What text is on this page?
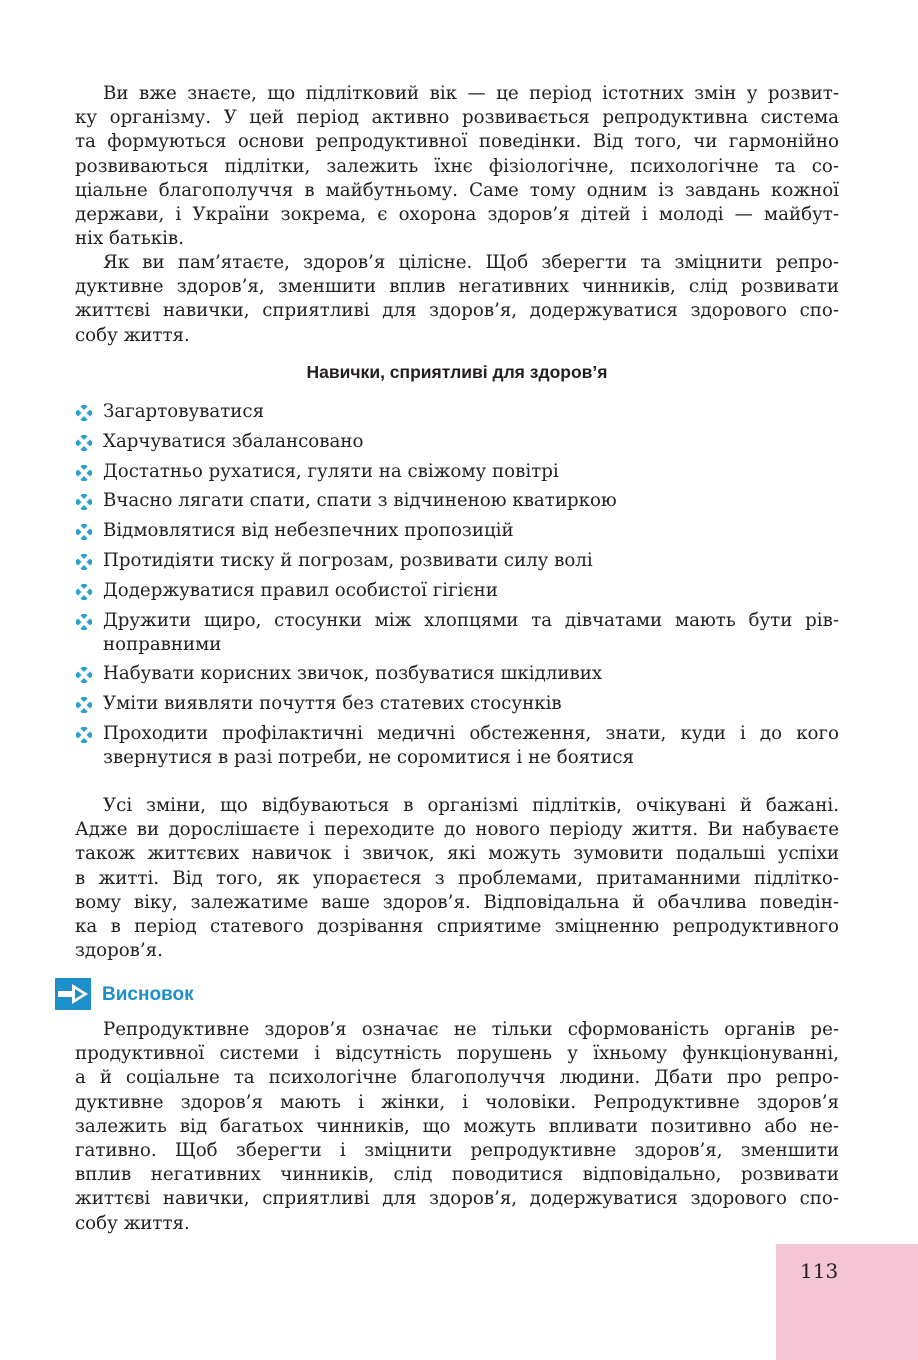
Ви вже знаєте, що підлітковий вік — це період істотних змін у розвит-
ку організму. У цей період активно розвивається репродуктивна система
та формуються основи репродуктивної поведінки. Від того, чи гармонійно
розвиваються підлітки, залежить їхнє фізіологічне, психологічне та со-
ціальне благополуччя в майбутньому. Саме тому одним із завдань кожної
держави, і України зокрема, є охорона здоров’я дітей і молоді — майбут-
ніх батьків.
Як ви пам’ятаєте, здоров’я цілісне. Щоб зберегти та зміцнити репро-
дуктивне здоров’я, зменшити вплив негативних чинників, слід розвивати
життєві навички, сприятливі для здоров’я, додержуватися здорового спо-
собу життя.
Навички, сприятливі для здоров’я
Загартовуватися
Харчуватися збалансовано
Достатньо рухатися, гуляти на свіжому повітрі
Вчасно лягати спати, спати з відчиненою кватиркою
Відмовлятися від небезпечних пропозицій
Протидіяти тиску й погрозам, розвивати силу волі
Додержуватися правил особистої гігієни
Дружити щиро, стосунки між хлопцями та дівчатами мають бути рів-
ноправними
Набувати корисних звичок, позбуватися шкідливих
Уміти виявляти почуття без статевих стосунків
Проходити профілактичні медичні обстеження, знати, куди і до кого
звернутися в разі потреби, не соромитися і не боятися
Усі зміни, що відбуваються в організмі підлітків, очікувані й бажані.
Адже ви дорослішаєте і переходите до нового періоду життя. Ви набуваєте
також життєвих навичок і звичок, які можуть зумовити подальші успіхи
в житті. Від того, як упораєтеся з проблемами, притаманними підлітко-
вому віку, залежатиме ваше здоров’я. Відповідальна й обачлива поведін-
ка в період статевого дозрівання сприятиме зміцненню репродуктивного
здоров’я.
Висновок
Репродуктивне здоров’я означає не тільки сформованість органів ре-
продуктивної системи і відсутність порушень у їхньому функціонуванні,
а й соціальне та психологічне благополуччя людини. Дбати про репро-
дуктивне здоров’я мають і жінки, і чоловіки. Репродуктивне здоров’я
залежить від багатьох чинників, що можуть впливати позитивно або не-
гативно. Щоб зберегти і зміцнити репродуктивне здоров’я, зменшити
вплив негативних чинників, слід поводитися відповідально, розвивати
життєві навички, сприятливі для здоров’я, додержуватися здорового спо-
собу життя.
113
